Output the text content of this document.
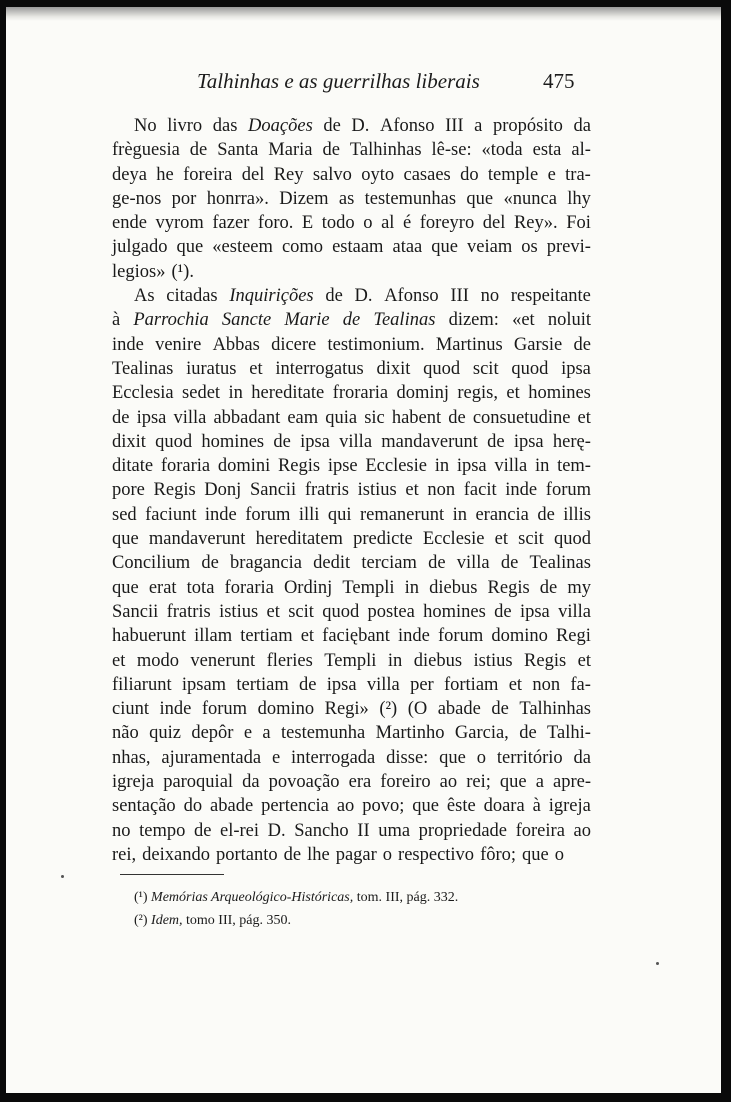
Talhinhas e as guerrilhas liberais	475
No livro das Doações de D. Afonso III a propósito da
frèguesia de Santa Maria de Talhinhas lê-se: «toda esta al-
deya he foreira del Rey salvo oyto casaes do temple e tra-
ge-nos por honrra». Dizem as testemunhas que «nunca lhy
ende vyrom fazer foro. E todo o al é foreyro del Rey». Foi
julgado que «esteem como estaam ataa que veiam os previ-
legios» (¹).
As citadas Inquirições de D. Afonso III no respeitante
à Parrochia Sancte Marie de Tealinas dizem: «et noluit
inde venire Abbas dicere testimonium. Martinus Garsie de
Tealinas iuratus et interrogatus dixit quod scit quod ipsa
Ecclesia sedet in hereditate froraria dominj regis, et homines
de ipsa villa abbadant eam quia sic habent de consuetudine et
dixit quod homines de ipsa villa mandaverunt de ipsa herę-
ditate foraria domini Regis ipse Ecclesie in ipsa villa in tem-
pore Regis Donj Sancii fratris istius et non facit inde forum
sed faciunt inde forum illi qui remanerunt in erancia de illis
que mandaverunt hereditatem predicte Ecclesie et scit quod
Concilium de bragancia dedit terciam de villa de Tealinas
que erat tota foraria Ordinj Templi in diebus Regis de my
Sancii fratris istius et scit quod postea homines de ipsa villa
habuerunt illam tertiam et faciębant inde forum domino Regi
et modo venerunt fleries Templi in diebus istius Regis et
filiarunt ipsam tertiam de ipsa villa per fortiam et non fa-
ciunt inde forum domino Regi» (²) (O abade de Talhinhas
não quiz depôr e a testemunha Martinho Garcia, de Talhi-
nhas, ajuramentada e interrogada disse: que o território da
igreja paroquial da povoação era foreiro ao rei; que a apre-
sentação do abade pertencia ao povo; que êste doara à igreja
no tempo de el-rei D. Sancho II uma propriedade foreira ao
rei, deixando portanto de lhe pagar o respectivo fôro; que o
(¹) Memórias Arqueológico-Históricas, tom. III, pág. 332.
(²) Idem, tomo III, pág. 350.
